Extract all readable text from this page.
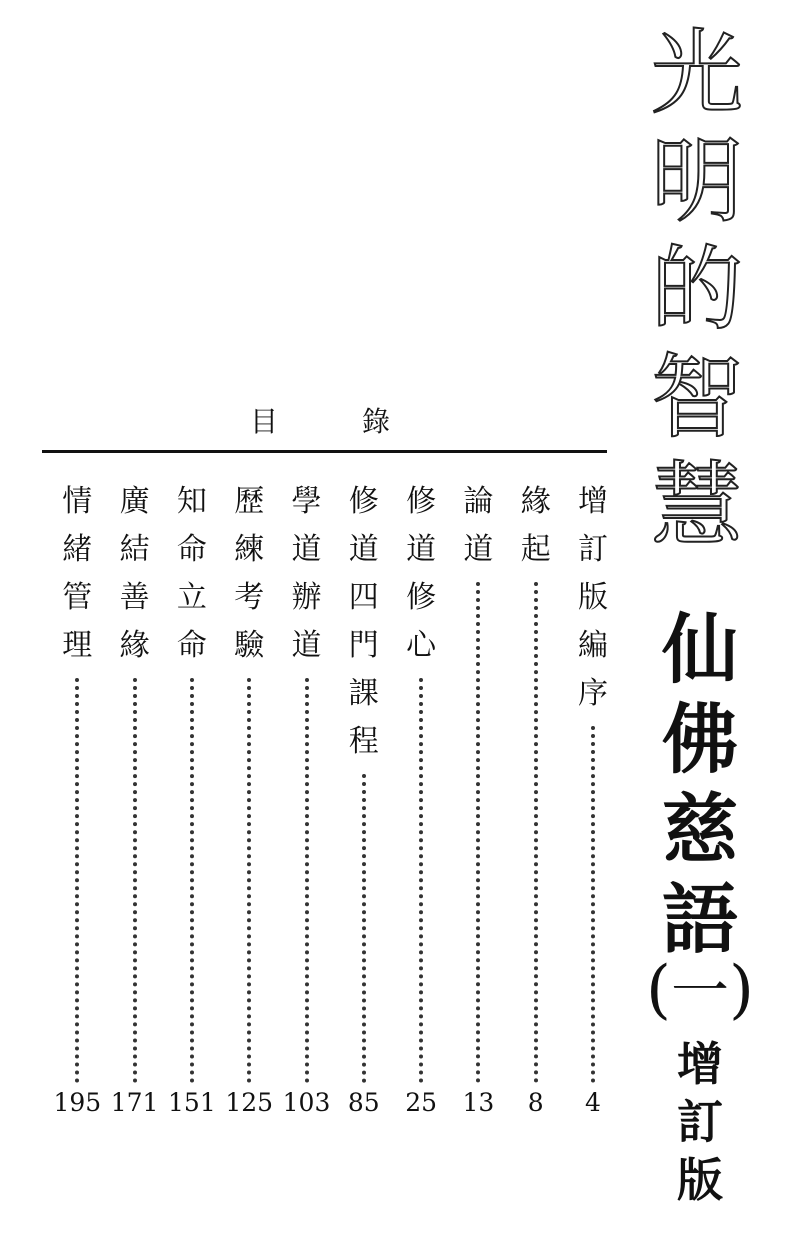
光
明
的
智
慧
仙
佛
慈
語
(一)
增
訂
版
目	錄
增
訂
版
編
序
4
緣
起
8
論
道
13
修
道
修
心
25
修
道
四
門
課
程
85
學
道
辦
道
103
歷
練
考
驗
125
知
命
立
命
151
廣
結
善
緣
171
情
緒
管
理
195
